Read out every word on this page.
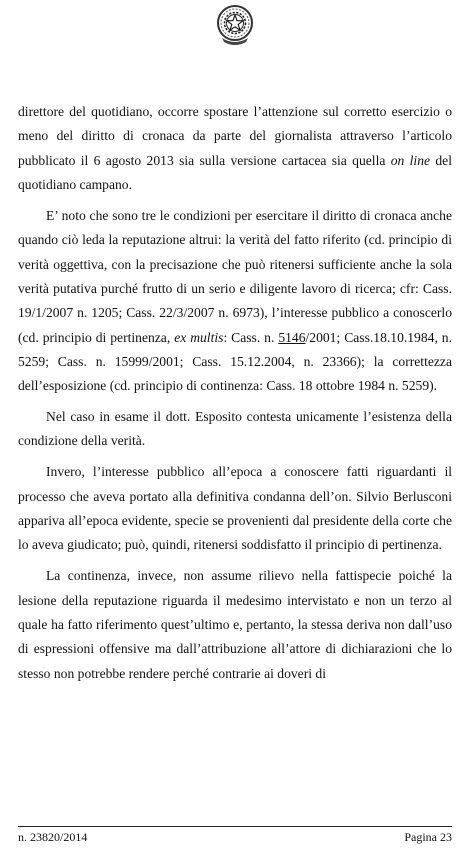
direttore del quotidiano, occorre spostare l’attenzione sul corretto esercizio o meno del diritto di cronaca da parte del giornalista attraverso l’articolo pubblicato il 6 agosto 2013 sia sulla versione cartacea sia quella on line del quotidiano campano.

E’ noto che sono tre le condizioni per esercitare il diritto di cronaca anche quando ciò leda la reputazione altrui: la verità del fatto riferito (cd. principio di verità oggettiva, con la precisazione che può ritenersi sufficiente anche la sola verità putativa purché frutto di un serio e diligente lavoro di ricerca; cfr: Cass. 19/1/2007 n. 1205; Cass. 22/3/2007 n. 6973), l’interesse pubblico a conoscerlo (cd. principio di pertinenza, ex multis: Cass. n. 5146/2001; Cass.18.10.1984, n. 5259; Cass. n. 15999/2001; Cass. 15.12.2004, n. 23366); la correttezza dell’esposizione (cd. principio di continenza: Cass. 18 ottobre 1984 n. 5259).

Nel caso in esame il dott. Esposito contesta unicamente l’esistenza della condizione della verità.

Invero, l’interesse pubblico all’epoca a conoscere fatti riguardanti il processo che aveva portato alla definitiva condanna dell’on. Silvio Berlusconi appariva all’epoca evidente, specie se provenienti dal presidente della corte che lo aveva giudicato; può, quindi, ritenersi soddisfatto il principio di pertinenza.

La continenza, invece, non assume rilievo nella fattispecie poiché la lesione della reputazione riguarda il medesimo intervistato e non un terzo al quale ha fatto riferimento quest’ultimo e, pertanto, la stessa deriva non dall’uso di espressioni offensive ma dall’attribuzione all’attore di dichiarazioni che lo stesso non potrebbe rendere perché contrarie ai doveri di

n. 23820/2014	Pagina 23
